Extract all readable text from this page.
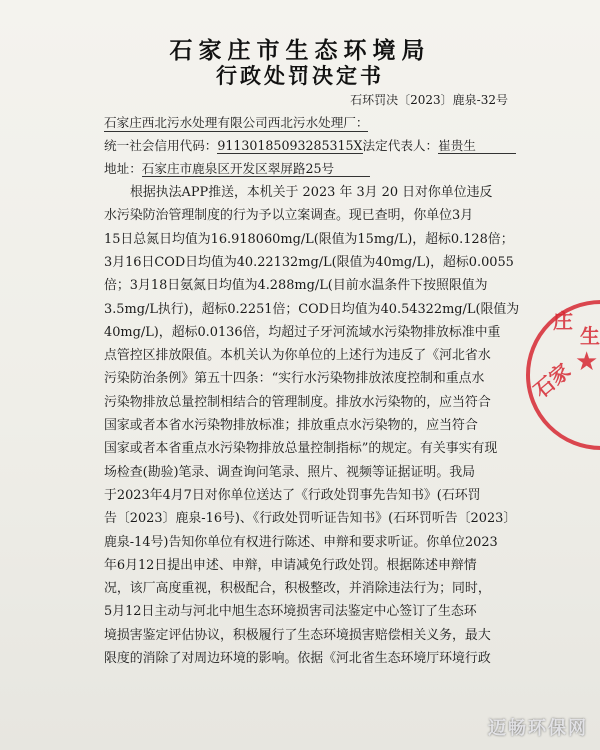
石家庄市生态环境局
行政处罚决定书
石环罚决〔2023〕鹿泉-32号
石家庄西北污水处理有限公司西北污水处理厂：
统一社会信用代码：91130185093285315X法定代表人：崔贵生
地址：石家庄市鹿泉区开发区翠屏路25号
根据执法APP推送，本机关于 2023 年 3月 20 日对你单位违反
水污染防治管理制度的行为予以立案调查。现已查明，你单位3月
15日总氮日均值为16.918060mg/L(限值为15mg/L)，超标0.128倍；
3月16日COD日均值为40.22132mg/L(限值为40mg/L)，超标0.0055
倍；3月18日氨氮日均值为4.288mg/L(目前水温条件下按照限值为
3.5mg/L执行)，超标0.2251倍；COD日均值为40.54322mg/L(限值为
40mg/L)，超标0.0136倍，均超过子牙河流域水污染物排放标准中重
点管控区排放限值。本机关认为你单位的上述行为违反了《河北省水
污染防治条例》第五十四条：“实行水污染物排放浓度控制和重点水
污染物排放总量控制相结合的管理制度。排放水污染物的，应当符合
国家或者本省水污染物排放标准；排放重点水污染物的，应当符合
国家或者本省重点水污染物排放总量控制指标”的规定。有关事实有现
场检查(勘验)笔录、调查询问笔录、照片、视频等证据证明。我局
于2023年4月7日对你单位送达了《行政处罚事先告知书》(石环罚
告〔2023〕鹿泉-16号)、《行政处罚听证告知书》(石环罚听告〔2023〕
鹿泉-14号)告知你单位有权进行陈述、申辩和要求听证。你单位2023
年6月12日提出申述、申辩，申请减免行政处罚。根据陈述申辩情
况，该厂高度重视，积极配合，积极整改，并消除违法行为；同时，
5月12日主动与河北中旭生态环境损害司法鉴定中心签订了生态环
境损害鉴定评估协议，积极履行了生态环境损害赔偿相关义务，最大
限度的消除了对周边环境的影响。依据《河北省生态环境厅环境行政
庄
生
石家 ★
迈畅环保网
